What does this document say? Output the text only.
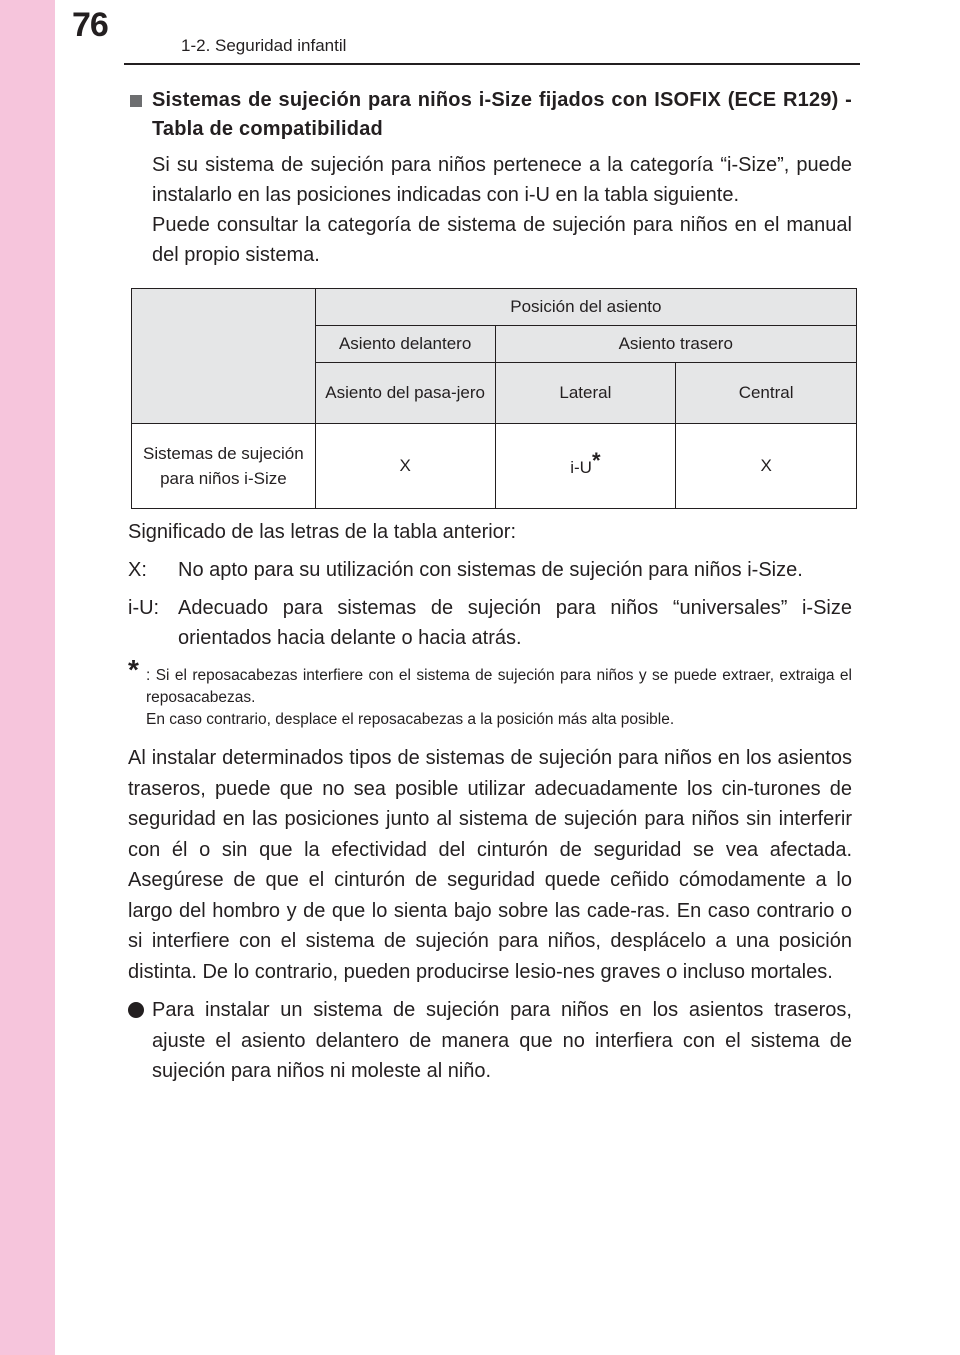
76
1-2. Seguridad infantil
Sistemas de sujeción para niños i-Size fijados con ISOFIX (ECE R129) - Tabla de compatibilidad
Si su sistema de sujeción para niños pertenece a la categoría “i-Size”, puede instalarlo en las posiciones indicadas con i-U en la tabla siguiente.
Puede consultar la categoría de sistema de sujeción para niños en el manual del propio sistema.
	Posición del asiento		
	Asiento delantero	Asiento trasero	
	Asiento del pasa-jero	Lateral	Central
Sistemas de sujeción para niños i-Size	X	i-U*	X
Significado de las letras de la tabla anterior:
X:	No apto para su utilización con sistemas de sujeción para niños i-Size.
i-U: Adecuado para sistemas de sujeción para niños “universales” i-Size orientados hacia delante o hacia atrás.
* : Si el reposacabezas interfiere con el sistema de sujeción para niños y se puede extraer, extraiga el reposacabezas.
En caso contrario, desplace el reposacabezas a la posición más alta posible.
Al instalar determinados tipos de sistemas de sujeción para niños en los asientos traseros, puede que no sea posible utilizar adecuadamente los cin-turones de seguridad en las posiciones junto al sistema de sujeción para niños sin interferir con él o sin que la efectividad del cinturón de seguridad se vea afectada. Asegúrese de que el cinturón de seguridad quede ceñido cómodamente a lo largo del hombro y de que lo sienta bajo sobre las cade-ras. En caso contrario o si interfiere con el sistema de sujeción para niños, desplácelo a una posición distinta. De lo contrario, pueden producirse lesio-nes graves o incluso mortales.
Para instalar un sistema de sujeción para niños en los asientos traseros, ajuste el asiento delantero de manera que no interfiera con el sistema de sujeción para niños ni moleste al niño.
